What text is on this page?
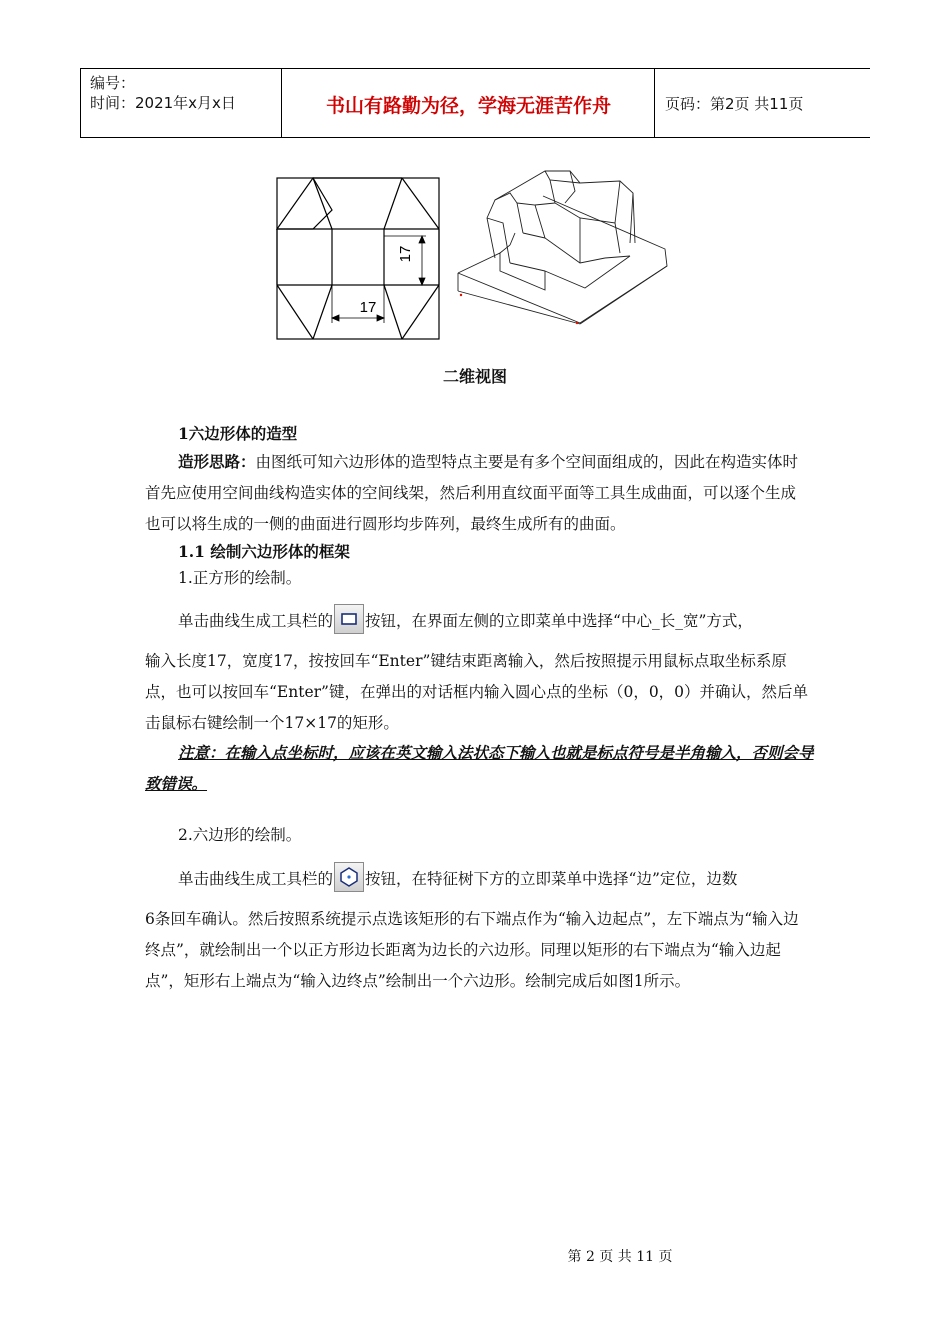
编号：
时间：2021年x月x日	书山有路勤为径，学海无涯苦作舟	页码：第2页 共11页
17
17
二维视图
1六边形体的造型
造形思路：由图纸可知六边形体的造型特点主要是有多个空间面组成的，因此在构造实体时首先应使用空间曲线构造实体的空间线架，然后利用直纹面平面等工具生成曲面，可以逐个生成也可以将生成的一侧的曲面进行圆形均步阵列，最终生成所有的曲面。
1.1 绘制六边形体的框架
1.正方形的绘制。
单击曲线生成工具栏的 按钮，在界面左侧的立即菜单中选择“中心_长_宽”方式，
输入长度17，宽度17，按按回车“Enter”键结束距离输入，然后按照提示用鼠标点取坐标系原点，也可以按回车“Enter”键，在弹出的对话框内输入圆心点的坐标（0，0，0）并确认，然后单击鼠标右键绘制一个17×17的矩形。
注意：在输入点坐标时，应该在英文输入法状态下输入也就是标点符号是半角输入，否则会导致错误。
2.六边形的绘制。
单击曲线生成工具栏的 按钮，在特征树下方的立即菜单中选择“边”定位，边数
6条回车确认。然后按照系统提示点选该矩形的右下端点作为“输入边起点”，左下端点为“输入边终点”，就绘制出一个以正方形边长距离为边长的六边形。同理以矩形的右下端点为“输入边起点”，矩形右上端点为“输入边终点”绘制出一个六边形。绘制完成后如图1所示。
第 2 页 共 11 页
